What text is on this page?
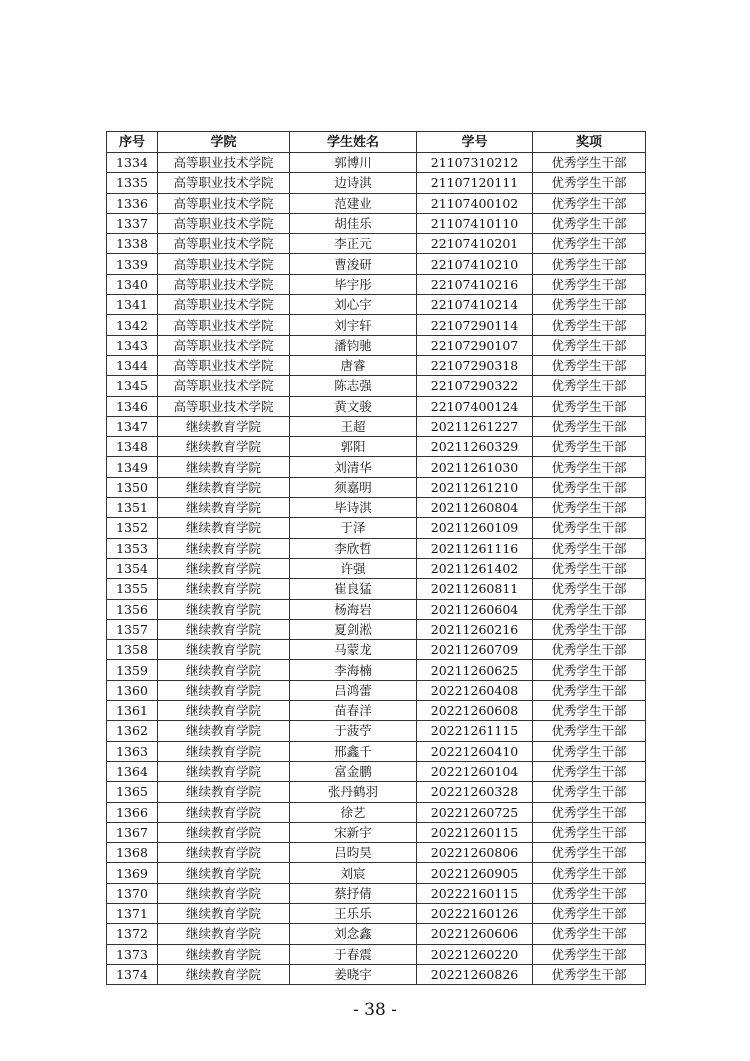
序号	学院	学生姓名	学号	奖项
1334	高等职业技术学院	郭博川	21107310212	优秀学生干部
1335	高等职业技术学院	边诗淇	21107120111	优秀学生干部
1336	高等职业技术学院	范建业	21107400102	优秀学生干部
1337	高等职业技术学院	胡佳乐	21107410110	优秀学生干部
1338	高等职业技术学院	李正元	22107410201	优秀学生干部
1339	高等职业技术学院	曹浚研	22107410210	优秀学生干部
1340	高等职业技术学院	毕宇彤	22107410216	优秀学生干部
1341	高等职业技术学院	刘心宇	22107410214	优秀学生干部
1342	高等职业技术学院	刘宇轩	22107290114	优秀学生干部
1343	高等职业技术学院	潘钧驰	22107290107	优秀学生干部
1344	高等职业技术学院	唐睿	22107290318	优秀学生干部
1345	高等职业技术学院	陈志强	22107290322	优秀学生干部
1346	高等职业技术学院	黄文骏	22107400124	优秀学生干部
1347	继续教育学院	王超	20211261227	优秀学生干部
1348	继续教育学院	郭阳	20211260329	优秀学生干部
1349	继续教育学院	刘清华	20211261030	优秀学生干部
1350	继续教育学院	须嘉明	20211261210	优秀学生干部
1351	继续教育学院	毕诗淇	20211260804	优秀学生干部
1352	继续教育学院	于泽	20211260109	优秀学生干部
1353	继续教育学院	李欣哲	20211261116	优秀学生干部
1354	继续教育学院	许强	20211261402	优秀学生干部
1355	继续教育学院	崔良猛	20211260811	优秀学生干部
1356	继续教育学院	杨海岩	20211260604	优秀学生干部
1357	继续教育学院	夏剑淞	20211260216	优秀学生干部
1358	继续教育学院	马蒙龙	20211260709	优秀学生干部
1359	继续教育学院	李海楠	20211260625	优秀学生干部
1360	继续教育学院	吕鸿蕾	20221260408	优秀学生干部
1361	继续教育学院	苗春洋	20221260608	优秀学生干部
1362	继续教育学院	于菠苧	20221261115	优秀学生干部
1363	继续教育学院	邢鑫千	20221260410	优秀学生干部
1364	继续教育学院	富金鹏	20221260104	优秀学生干部
1365	继续教育学院	张丹鹤羽	20221260328	优秀学生干部
1366	继续教育学院	徐艺	20221260725	优秀学生干部
1367	继续教育学院	宋新宇	20221260115	优秀学生干部
1368	继续教育学院	吕昀昊	20221260806	优秀学生干部
1369	继续教育学院	刘宸	20221260905	优秀学生干部
1370	继续教育学院	蔡抒倩	20222160115	优秀学生干部
1371	继续教育学院	王乐乐	20222160126	优秀学生干部
1372	继续教育学院	刘念鑫	20221260606	优秀学生干部
1373	继续教育学院	于春震	20221260220	优秀学生干部
1374	继续教育学院	姜晓宇	20221260826	优秀学生干部
- 38 -
